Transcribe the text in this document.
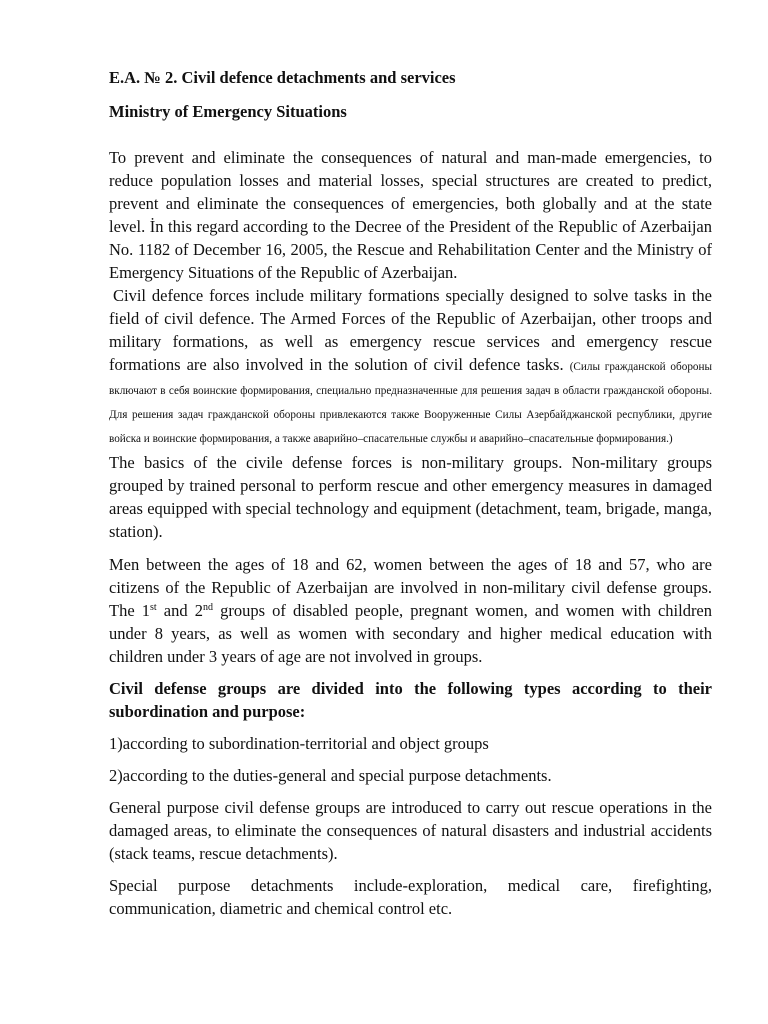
E.A. № 2. Civil defence detachments and services
Ministry of Emergency Situations

To prevent and eliminate the consequences of natural and man-made emergencies, to reduce population losses and material losses, special structures are created to predict, prevent and eliminate the consequences of emergencies, both globally and at the state level. İn this regard according to the Decree of the President of the Republic of Azerbaijan No. 1182 of December 16, 2005, the Rescue and Rehabilitation Center and the Ministry of Emergency Situations of the Republic of Azerbaijan.

Civil defence forces include military formations specially designed to solve tasks in the field of civil defence. The Armed Forces of the Republic of Azerbaijan, other troops and military formations, as well as emergency rescue services and emergency rescue formations are also involved in the solution of civil defence tasks. (Силы гражданской обороны включают в себя воинские формирования, специально предназначенные для решения задач в области гражданской обороны. Для решения задач гражданской обороны привлекаются также Вооруженные Силы Азербайджанской республики, другие войска и воинские формирования, а также аварийно–спасательные службы и аварийно–спасательные формирования.)

The basics of the civile defense forces is non-military groups. Non-military groups grouped by trained personal to perform rescue and other emergency measures in damaged areas equipped with special technology and equipment (detachment, team, brigade, manga, station).

Men between the ages of 18 and 62, women between the ages of 18 and 57, who are citizens of the Republic of Azerbaijan are involved in non-military civil defense groups. The 1st and 2nd groups of disabled people, pregnant women, and women with children under 8 years, as well as women with secondary and higher medical education with children under 3 years of age are not involved in groups.

Civil defense groups are divided into the following types according to their subordination and purpose:

1)according to subordination-territorial and object groups

2)according to the duties-general and special purpose detachments.

General purpose civil defense groups are introduced to carry out rescue operations in the damaged areas, to eliminate the consequences of natural disasters and industrial accidents (stack teams, rescue detachments).

Special purpose detachments include-exploration, medical care, firefighting, communication, diametric and chemical control etc.
